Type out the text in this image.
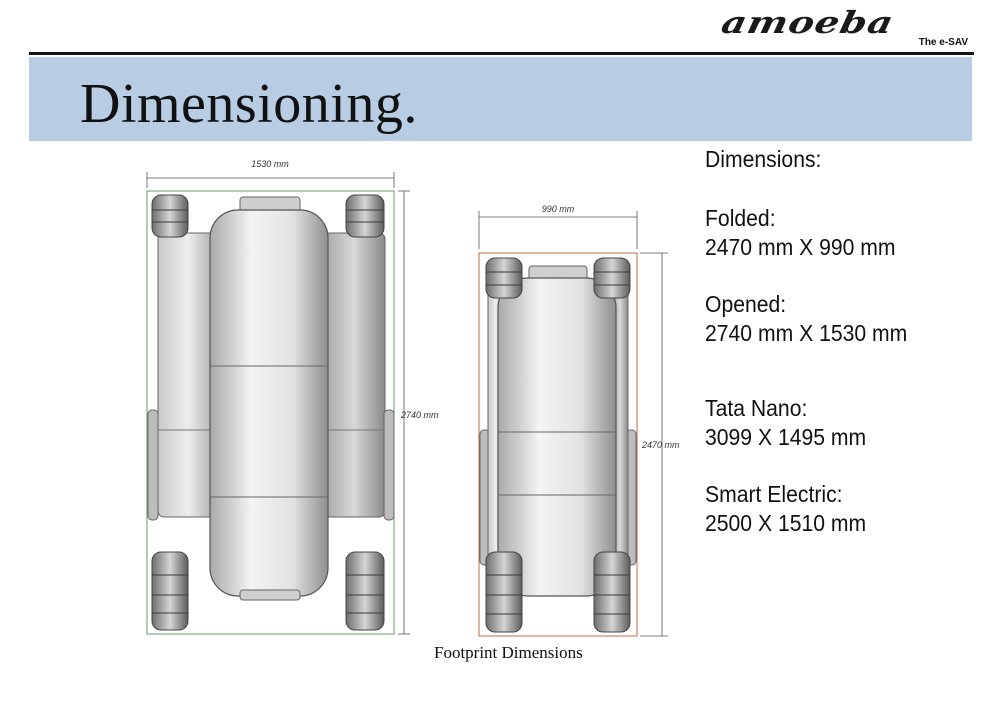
amoeba
The e-SAV
Dimensioning.
1530 mm
2740 mm
990 mm
2470 mm
Dimensions:
Folded:
2470 mm X 990 mm
Opened:
2740 mm X 1530 mm
Tata Nano:
3099 X 1495 mm
Smart Electric:
2500 X 1510 mm
Footprint Dimensions
